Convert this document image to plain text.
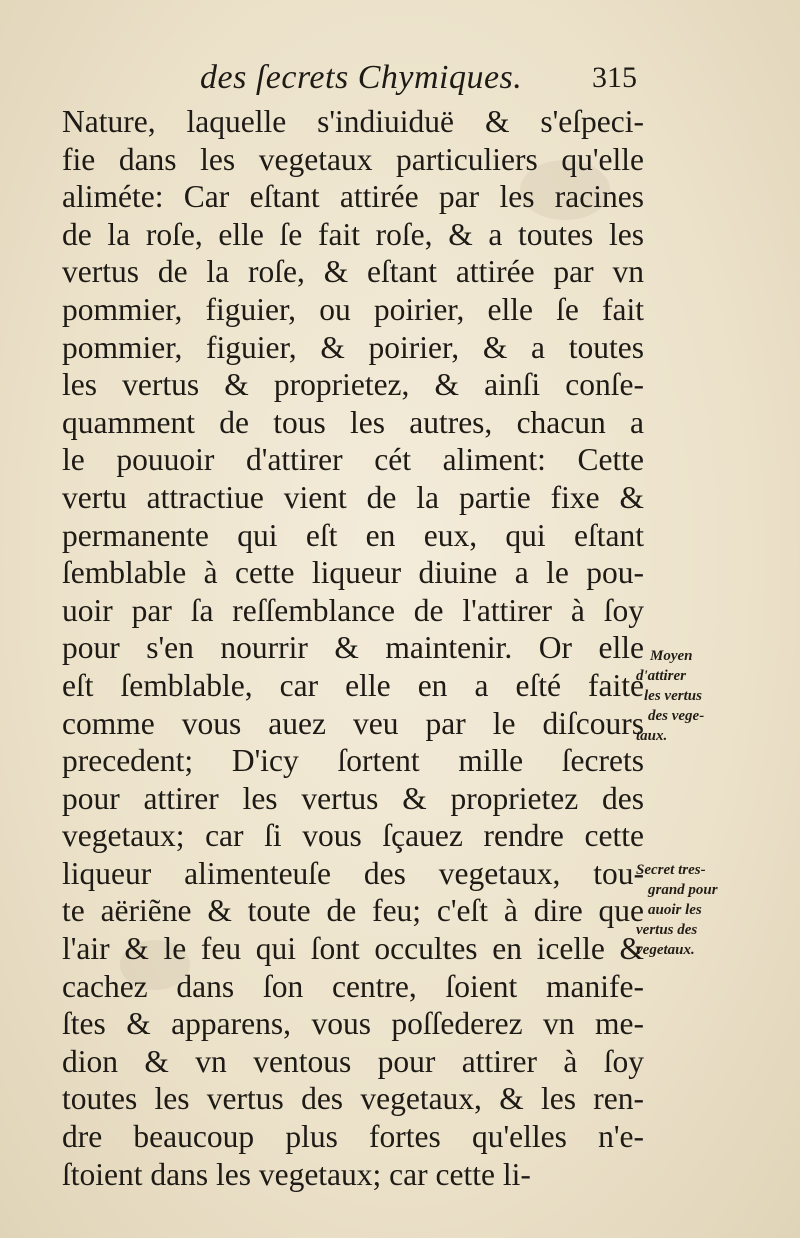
des ſecrets Chymiques. 315
Nature, laquelle s'indiuiduë & s'eſpeci-
fie dans les vegetaux particuliers qu'elle
aliméte: Car eſtant attirée par les racines
de la roſe, elle ſe fait roſe, & a toutes les
vertus de la roſe, & eſtant attirée par vn
pommier, figuier, ou poirier, elle ſe fait
pommier, figuier, & poirier, & a toutes
les vertus & proprietez, & ainſi conſe-
quamment de tous les autres, chacun a
le pouuoir d'attirer cét aliment: Cette
vertu attractiue vient de la partie fixe &
permanente qui eſt en eux, qui eſtant
ſemblable à cette liqueur diuine a le pou-
uoir par ſa reſſemblance de l'attirer à ſoy
pour s'en nourrir & maintenir. Or elle
eſt ſemblable, car elle en a eſté faite
comme vous auez veu par le diſcours
precedent; D'icy ſortent mille ſecrets
pour attirer les vertus & proprietez des
vegetaux; car ſi vous ſçauez rendre cette
liqueur alimenteuſe des vegetaux, tou-
te aëriẽne & toute de feu; c'eſt à dire que
l'air & le feu qui ſont occultes en icelle &
cachez dans ſon centre, ſoient manife-
ſtes & apparens, vous poſſederez vn me-
dion & vn ventous pour attirer à ſoy
toutes les vertus des vegetaux, & les ren-
dre beaucoup plus fortes qu'elles n'e-
ſtoient dans les vegetaux; car cette li-
Moyen
d'attirer
les vertus
des vege-
taux.
Secret tres-
grand pour
auoir les
vertus des
vegetaux.
